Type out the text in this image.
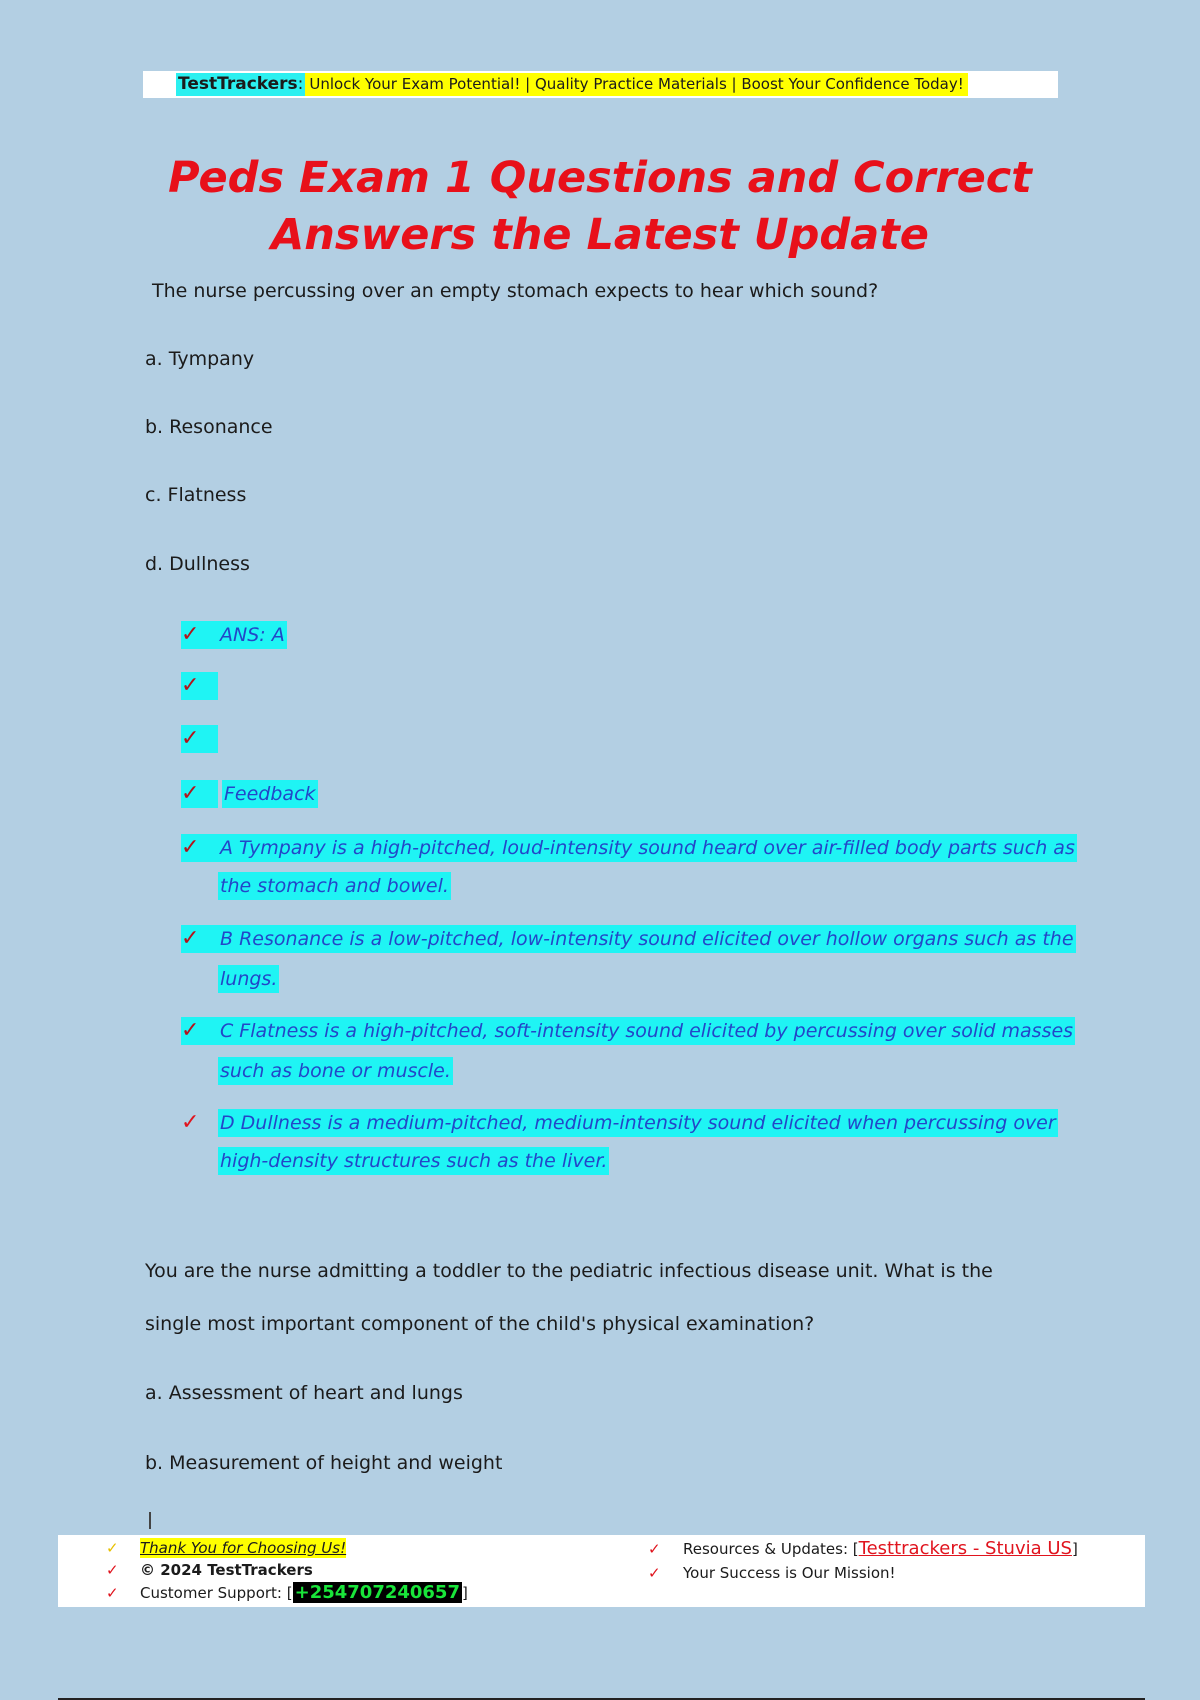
TestTrackers: Unlock Your Exam Potential! | Quality Practice Materials | Boost Your Confidence Today!
Peds Exam 1 Questions and Correct
Answers the Latest Update
The nurse percussing over an empty stomach expects to hear which sound?
a. Tympany
b. Resonance
c. Flatness
d. Dullness
✓ ANS: A
✓
✓
✓ Feedback
✓ A Tympany is a high-pitched, loud-intensity sound heard over air-filled body parts such as
the stomach and bowel.
✓ B Resonance is a low-pitched, low-intensity sound elicited over hollow organs such as the
lungs.
✓ C Flatness is a high-pitched, soft-intensity sound elicited by percussing over solid masses
such as bone or muscle.
✓ D Dullness is a medium-pitched, medium-intensity sound elicited when percussing over
high-density structures such as the liver.
You are the nurse admitting a toddler to the pediatric infectious disease unit. What is the
single most important component of the child's physical examination?
a. Assessment of heart and lungs
b. Measurement of height and weight
✓ Thank You for Choosing Us!
✓ © 2024 TestTrackers
✓ Customer Support: [ +254707240657 ]
✓ Resources & Updates: [Testtrackers - Stuvia US]
✓ Your Success is Our Mission!
